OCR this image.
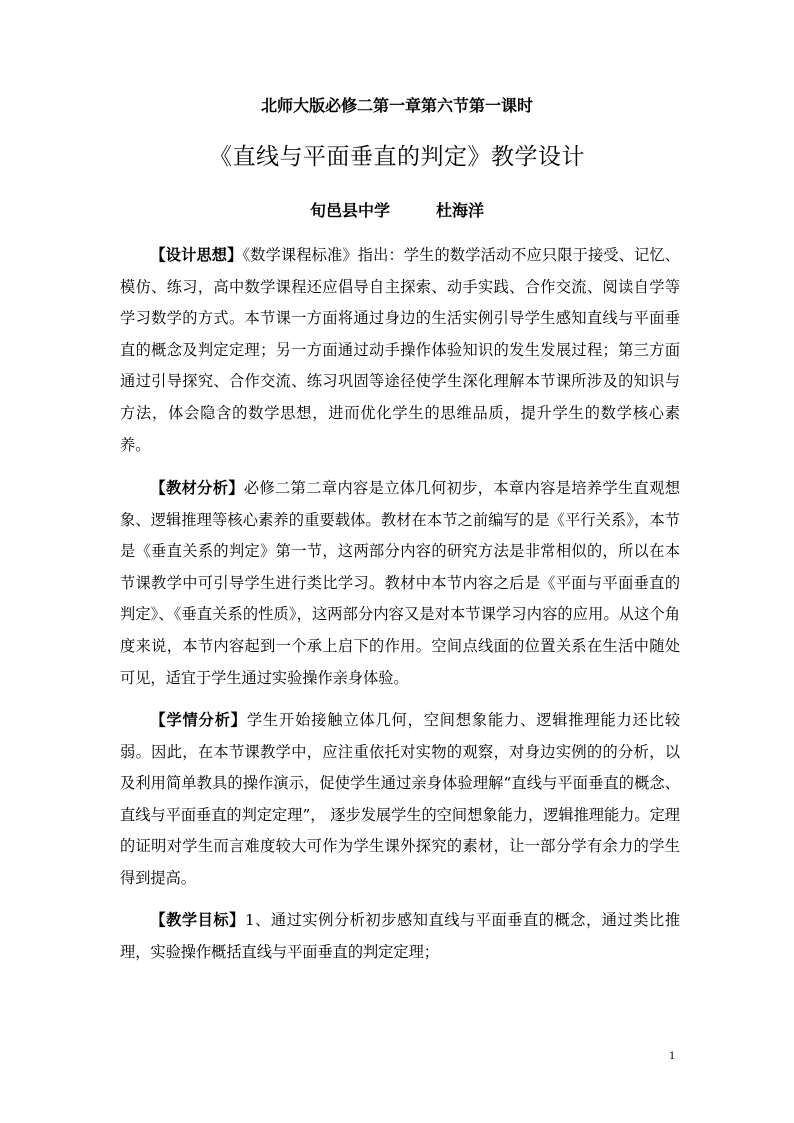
北师大版必修二第一章第六节第一课时

《直线与平面垂直的判定》教学设计

旬邑县中学	杜海洋

【设计思想】《数学课程标准》指出：学生的数学活动不应只限于接受、记忆、模仿、练习，高中数学课程还应倡导自主探索、动手实践、合作交流、阅读自学等学习数学的方式。本节课一方面将通过身边的生活实例引导学生感知直线与平面垂直的概念及判定定理；另一方面通过动手操作体验知识的发生发展过程；第三方面通过引导探究、合作交流、练习巩固等途径使学生深化理解本节课所涉及的知识与方法，体会隐含的数学思想，进而优化学生的思维品质，提升学生的数学核心素养。

【教材分析】必修二第二章内容是立体几何初步，本章内容是培养学生直观想象、逻辑推理等核心素养的重要载体。教材在本节之前编写的是《平行关系》，本节是《垂直关系的判定》第一节，这两部分内容的研究方法是非常相似的，所以在本节课教学中可引导学生进行类比学习。教材中本节内容之后是《平面与平面垂直的判定》、《垂直关系的性质》，这两部分内容又是对本节课学习内容的应用。从这个角度来说，本节内容起到一个承上启下的作用。空间点线面的位置关系在生活中随处可见，适宜于学生通过实验操作亲身体验。

【学情分析】学生开始接触立体几何，空间想象能力、逻辑推理能力还比较弱。因此，在本节课教学中，应注重依托对实物的观察，对身边实例的的分析，以及利用简单教具的操作演示，促使学生通过亲身体验理解“直线与平面垂直的概念、直线与平面垂直的判定定理”， 逐步发展学生的空间想象能力，逻辑推理能力。定理的证明对学生而言难度较大可作为学生课外探究的素材，让一部分学有余力的学生得到提高。

【教学目标】1、通过实例分析初步感知直线与平面垂直的概念，通过类比推理，实验操作概括直线与平面垂直的判定定理；

1
